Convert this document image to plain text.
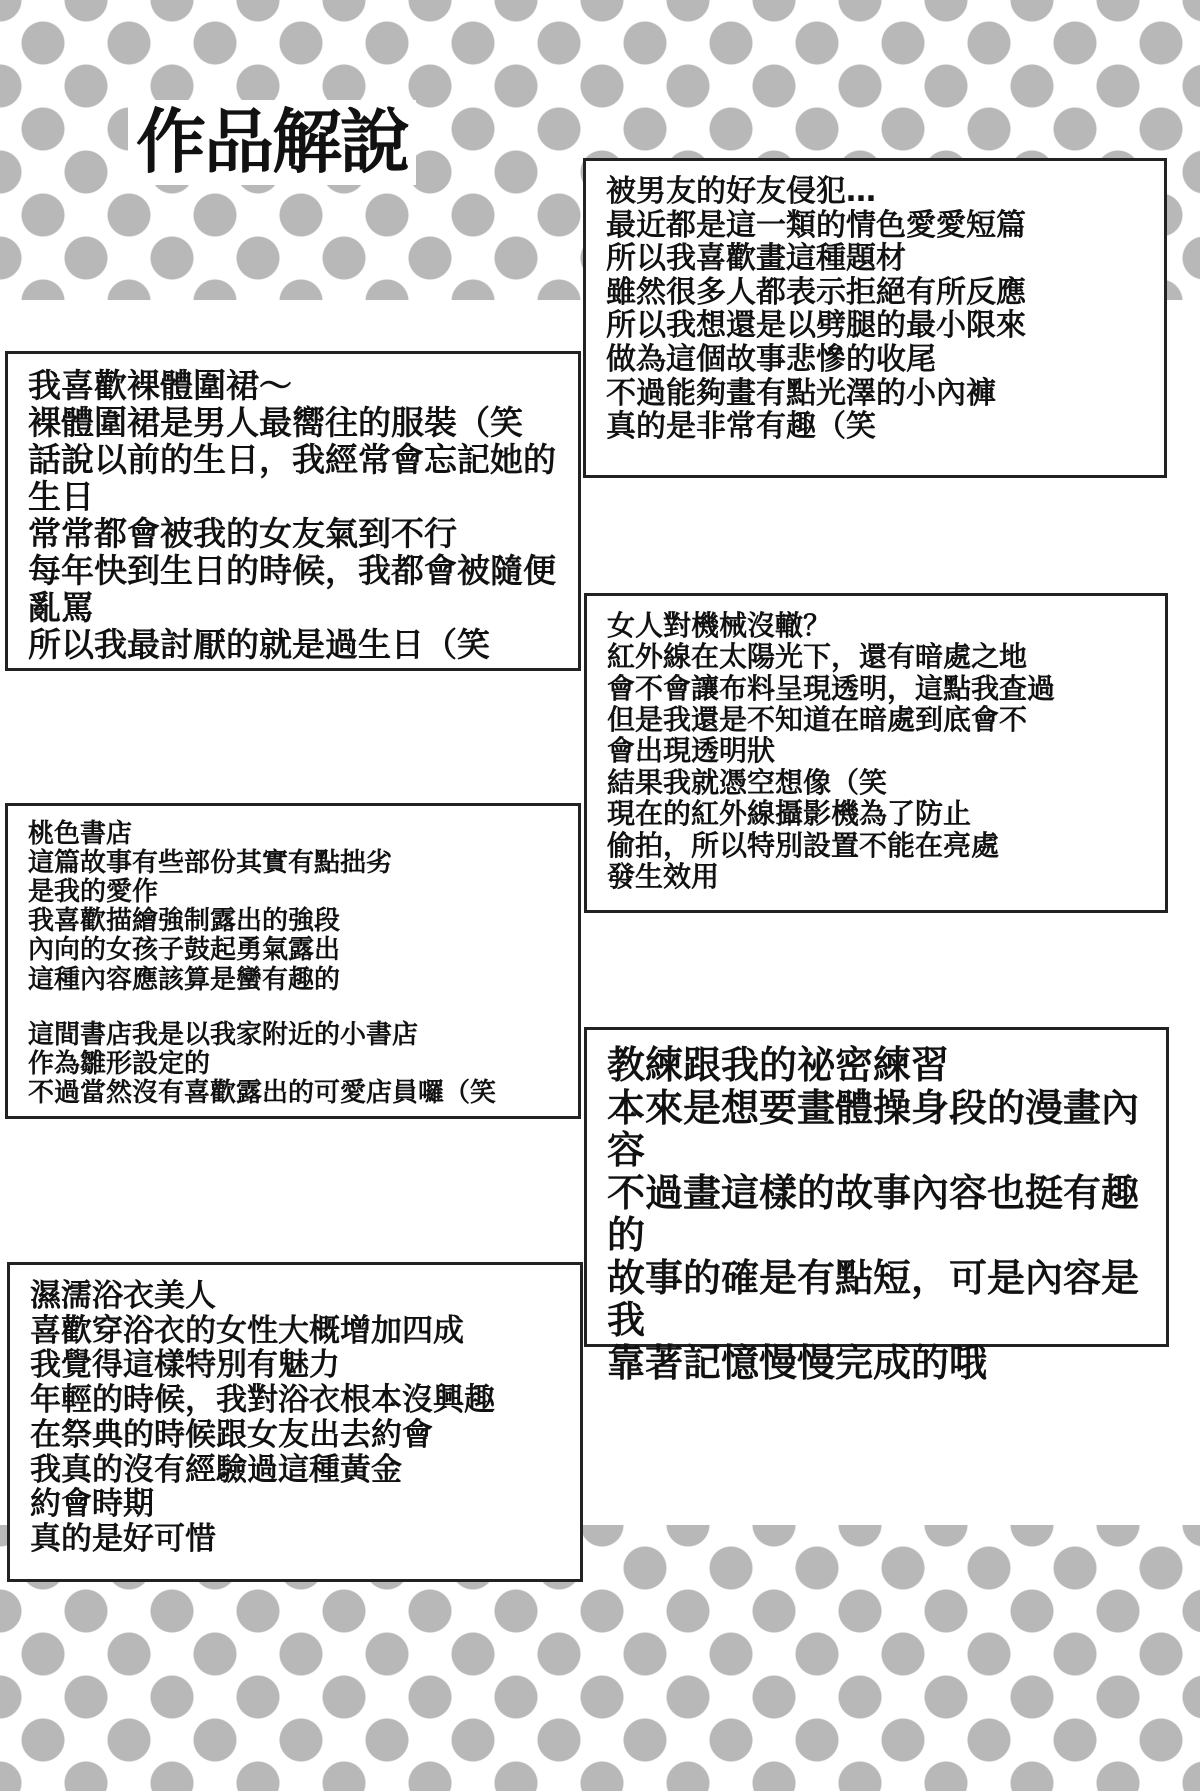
作品解說
被男友的好友侵犯…
最近都是這一類的情色愛愛短篇
所以我喜歡畫這種題材
雖然很多人都表示拒絕有所反應
所以我想還是以劈腿的最小限來
做為這個故事悲慘的收尾
不過能夠畫有點光澤的小內褲
真的是非常有趣（笑
我喜歡裸體圍裙～
裸體圍裙是男人最嚮往的服裝（笑
話說以前的生日，我經常會忘記她的生日
常常都會被我的女友氣到不行
每年快到生日的時候，我都會被隨便亂罵
所以我最討厭的就是過生日（笑	女人對機械沒轍？
紅外線在太陽光下，還有暗處之地
會不會讓布料呈現透明，這點我查過
但是我還是不知道在暗處到底會不
會出現透明狀
結果我就憑空想像（笑
現在的紅外線攝影機為了防止
偷拍，所以特別設置不能在亮處
發生效用
桃色書店
這篇故事有些部份其實有點拙劣
是我的愛作
我喜歡描繪強制露出的強段
內向的女孩子鼓起勇氣露出
這種內容應該算是蠻有趣的
這間書店我是以我家附近的小書店
作為雛形設定的
不過當然沒有喜歡露出的可愛店員囉（笑
教練跟我的祕密練習
本來是想要畫體操身段的漫畫內容
不過畫這樣的故事內容也挺有趣的
故事的確是有點短，可是內容是我
靠著記憶慢慢完成的哦
濕濡浴衣美人
喜歡穿浴衣的女性大概增加四成
我覺得這樣特別有魅力
年輕的時候，我對浴衣根本沒興趣
在祭典的時候跟女友出去約會
我真的沒有經驗過這種黃金
約會時期
真的是好可惜
